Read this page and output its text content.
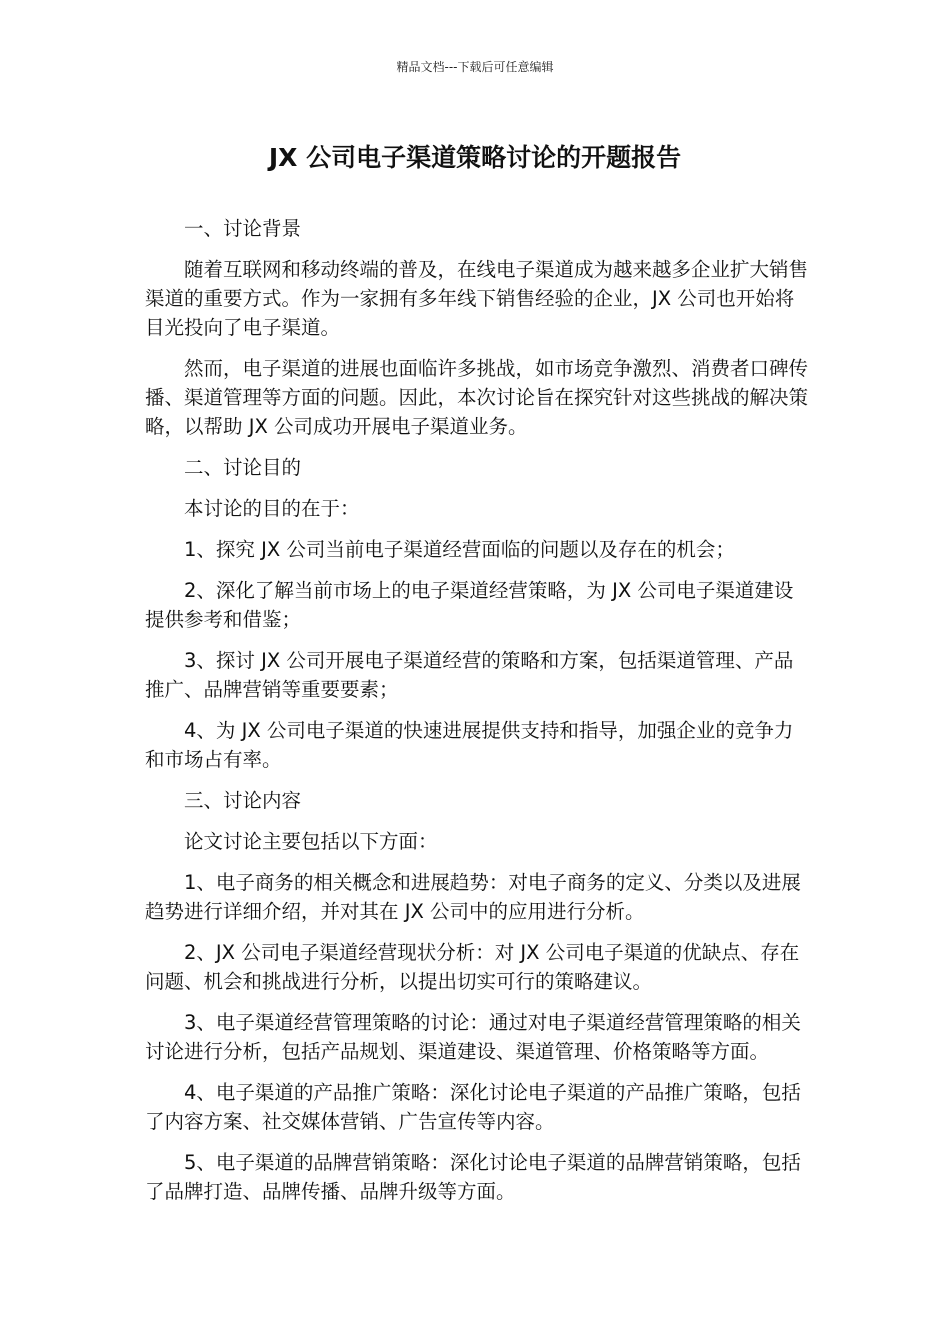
精品文档---下载后可任意编辑
JX 公司电子渠道策略讨论的开题报告

一、讨论背景

随着互联网和移动终端的普及，在线电子渠道成为越来越多企业扩大销售渠道的重要方式。作为一家拥有多年线下销售经验的企业，JX 公司也开始将目光投向了电子渠道。

然而，电子渠道的进展也面临许多挑战，如市场竞争激烈、消费者口碑传播、渠道管理等方面的问题。因此，本次讨论旨在探究针对这些挑战的解决策略，以帮助 JX 公司成功开展电子渠道业务。

二、讨论目的

本讨论的目的在于：

1、探究 JX 公司当前电子渠道经营面临的问题以及存在的机会；

2、深化了解当前市场上的电子渠道经营策略，为 JX 公司电子渠道建设提供参考和借鉴；

3、探讨 JX 公司开展电子渠道经营的策略和方案，包括渠道管理、产品推广、品牌营销等重要要素；

4、为 JX 公司电子渠道的快速进展提供支持和指导，加强企业的竞争力和市场占有率。

三、讨论内容

论文讨论主要包括以下方面：

1、电子商务的相关概念和进展趋势：对电子商务的定义、分类以及进展趋势进行详细介绍，并对其在 JX 公司中的应用进行分析。

2、JX 公司电子渠道经营现状分析：对 JX 公司电子渠道的优缺点、存在问题、机会和挑战进行分析，以提出切实可行的策略建议。

3、电子渠道经营管理策略的讨论：通过对电子渠道经营管理策略的相关讨论进行分析，包括产品规划、渠道建设、渠道管理、价格策略等方面。

4、电子渠道的产品推广策略：深化讨论电子渠道的产品推广策略，包括了内容方案、社交媒体营销、广告宣传等内容。

5、电子渠道的品牌营销策略：深化讨论电子渠道的品牌营销策略，包括了品牌打造、品牌传播、品牌升级等方面。
